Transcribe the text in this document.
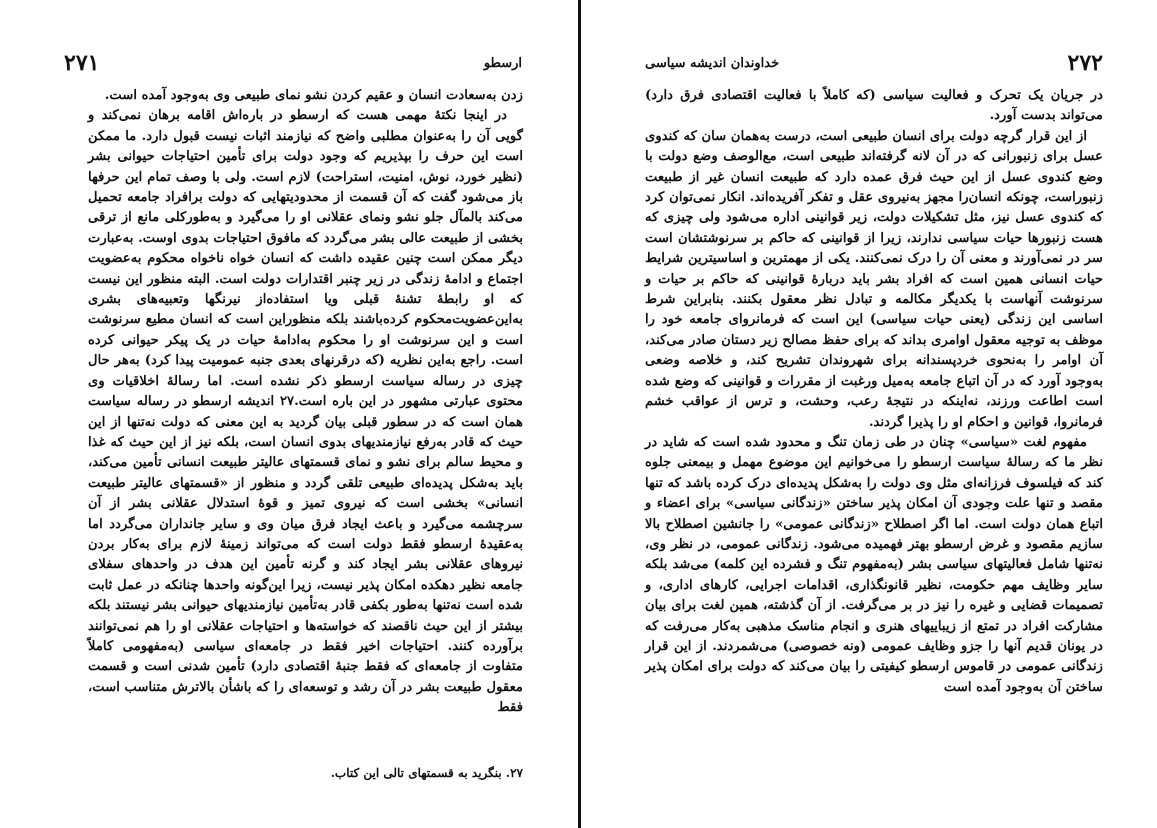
ارسطو
۲۷۱

زدن به‌سعادت انسان و عقیم کردن نشو نمای طبیعی وی به‌وجود آمده است.

در اینجا نکتهٔ مهمی هست که ارسطو در باره‌اش اقامه برهان نمی‌کند و گویی آن را به‌عنوان مطلبی واضح که نیازمند اثبات نیست قبول دارد. ما ممکن است این حرف را بپذیریم که وجود دولت برای تأمین احتیاجات حیوانی بشر (نظیر خورد، نوش، امنیت، استراحت) لازم است. ولی با وصف تمام این حرفها باز می‌شود گفت که آن قسمت از محدودیتهایی که دولت برافراد جامعه تحمیل می‌کند بالمآل جلو نشو ونمای عقلانی او را می‌گیرد و به‌طورکلی مانع از ترقی بخشی از طبیعت عالی بشر می‌گردد که مافوق احتیاجات بدوی اوست. به‌عبارت دیگر ممکن است چنین عقیده داشت که انسان خواه ناخواه محکوم به‌عضویت اجتماع و ادامهٔ زندگی در زیر چنبر اقتدارات دولت است. البته منظور این نیست که او رابطهٔ تشنهٔ قبلی ویا استفاده‌از نیرنگها وتعبیه‌های بشری به‌این‌عضویت‌محکوم کرده‌باشند بلکه منظوراین است که انسان مطیع سرنوشت است و این سرنوشت او را محکوم به‌ادامهٔ حیات در یک پیکر حیوانی کرده است. راجع به‌این نظریه (که درقرنهای بعدی جنبه عمومیت پیدا کرد) به‌هر حال چیزی در رساله سیاست ارسطو ذکر نشده است. اما رسالهٔ اخلاقیات وی محتوی عبارتی مشهور در این باره است.۲۷ اندیشه ارسطو در رساله سیاست همان است که در سطور قبلی بیان گردید به این معنی که دولت نه‌تنها از این حیث که قادر به‌رفع نیازمندیهای بدوی انسان است، بلکه نیز از این حیث که غذا و محیط سالم برای نشو و نمای قسمتهای عالیتر طبیعت انسانی تأمین می‌کند، باید به‌شکل پدیده‌ای طبیعی تلقی گردد و منظور از «قسمتهای عالیتر طبیعت انسانی» بخشی است که نیروی تمیز و قوهٔ استدلال عقلانی بشر از آن سرچشمه می‌گیرد و باعث ایجاد فرق میان وی و سایر جانداران می‌گردد اما به‌عقیدهٔ ارسطو فقط دولت است که می‌تواند زمینهٔ لازم برای به‌کار بردن نیروهای عقلانی بشر ایجاد کند و گرنه تأمین این هدف در واحدهای سفلای جامعه نظیر دهکده امکان پذیر نیست، زیرا این‌گونه واحدها چنانکه در عمل ثابت شده است نه‌تنها به‌طور بکفی قادر به‌تأمین نیازمندیهای حیوانی بشر نیستند بلکه بیشتر از این حیث ناقصند که خواسته‌ها و احتیاجات عقلانی او را هم نمی‌توانند برآورده کنند. احتیاجات اخیر فقط در جامعه‌ای سیاسی (به‌مفهومی کاملاً متفاوت از جامعه‌ای که فقط جنبهٔ اقتصادی دارد) تأمین شدنی است و قسمت معقول طبیعت بشر در آن رشد و توسعه‌ای را که باشأن بالاترش متناسب است، فقط

۲۷. بنگرید به قسمتهای تالی این کتاب.
۲۷۲
خداوندان اندیشه سیاسی

در جریان یک تحرک و فعالیت سیاسی (که کاملاً با فعالیت اقتصادی فرق دارد) می‌تواند بدست آورد.

از این قرار گرچه دولت برای انسان طبیعی است، درست به‌همان سان که کندوی عسل برای زنبورانی که در آن لانه گرفته‌اند طبیعی است، مع‌الوصف وضع دولت با وضع کندوی عسل از این حیث فرق عمده دارد که طبیعت انسان غیر از طبیعت زنبوراست، چونکه انسان‌را مجهز به‌نیروی عقل و تفکر آفریده‌اند. انکار نمی‌توان کرد که کندوی عسل نیز، مثل تشکیلات دولت، زیر قوانینی اداره می‌شود ولی چیزی که هست زنبورها حیات سیاسی ندارند، زیرا از قوانینی که حاکم بر سرنوشتشان است سر در نمی‌آورند و معنی آن را درک نمی‌کنند. یکی از مهمترین و اساسیترین شرایط حیات انسانی همین است که افراد بشر باید دربارهٔ قوانینی که حاکم بر حیات و سرنوشت آنهاست با یکدیگر مکالمه و تبادل نظر معقول بکنند. بنابراین شرط اساسی این زندگی (یعنی حیات سیاسی) این است که فرمانروای جامعه خود را موظف به توجیه معقول اوامری بداند که برای حفظ مصالح زیر دستان صادر می‌کند، آن اوامر را به‌نحوی خردپسندانه برای شهروندان تشریح کند، و خلاصه وضعی به‌وجود آورد که در آن اتباع جامعه به‌میل ورغبت از مقررات و قوانینی که وضع شده است اطاعت ورزند، نه‌اینکه در نتیجهٔ رعب، وحشت، و ترس از عواقب خشم فرمانروا، قوانین و احکام او را پذیرا گردند.

مفهوم لغت «سیاسی» چنان در طی زمان تنگ و محدود شده است که شاید در نظر ما که رسالهٔ سیاست ارسطو را می‌خوانیم این موضوع مهمل و بیمعنی جلوه کند که فیلسوف فرزانه‌ای مثل وی دولت را به‌شکل پدیده‌ای درک کرده باشد که تنها مقصد و تنها علت وجودی آن امکان پذیر ساختن «زندگانی سیاسی» برای اعضاء و اتباع همان دولت است. اما اگر اصطلاح «زندگانی عمومی» را جانشین اصطلاح بالا سازیم مقصود و غرض ارسطو بهتر فهمیده می‌شود. زندگانی عمومی، در نظر وی، نه‌تنها شامل فعالیتهای سیاسی بشر (به‌مفهوم تنگ و فشرده این کلمه) می‌شد بلکه سایر وظایف مهم حکومت، نظیر قانونگذاری، اقدامات اجرایی، کارهای اداری، و تصمیمات قضایی و غیره را نیز در بر می‌گرفت. از آن گذشته، همین لغت برای بیان مشارکت افراد در تمتع از زیباییهای هنری و انجام مناسک مذهبی به‌کار می‌رفت که در یونان قدیم آنها را جزو وظایف عمومی (ونه خصوصی) می‌شمردند. از این قرار زندگانی عمومی در قاموس ارسطو کیفیتی را بیان می‌کند که دولت برای امکان پذیر ساختن آن به‌وجود آمده است
